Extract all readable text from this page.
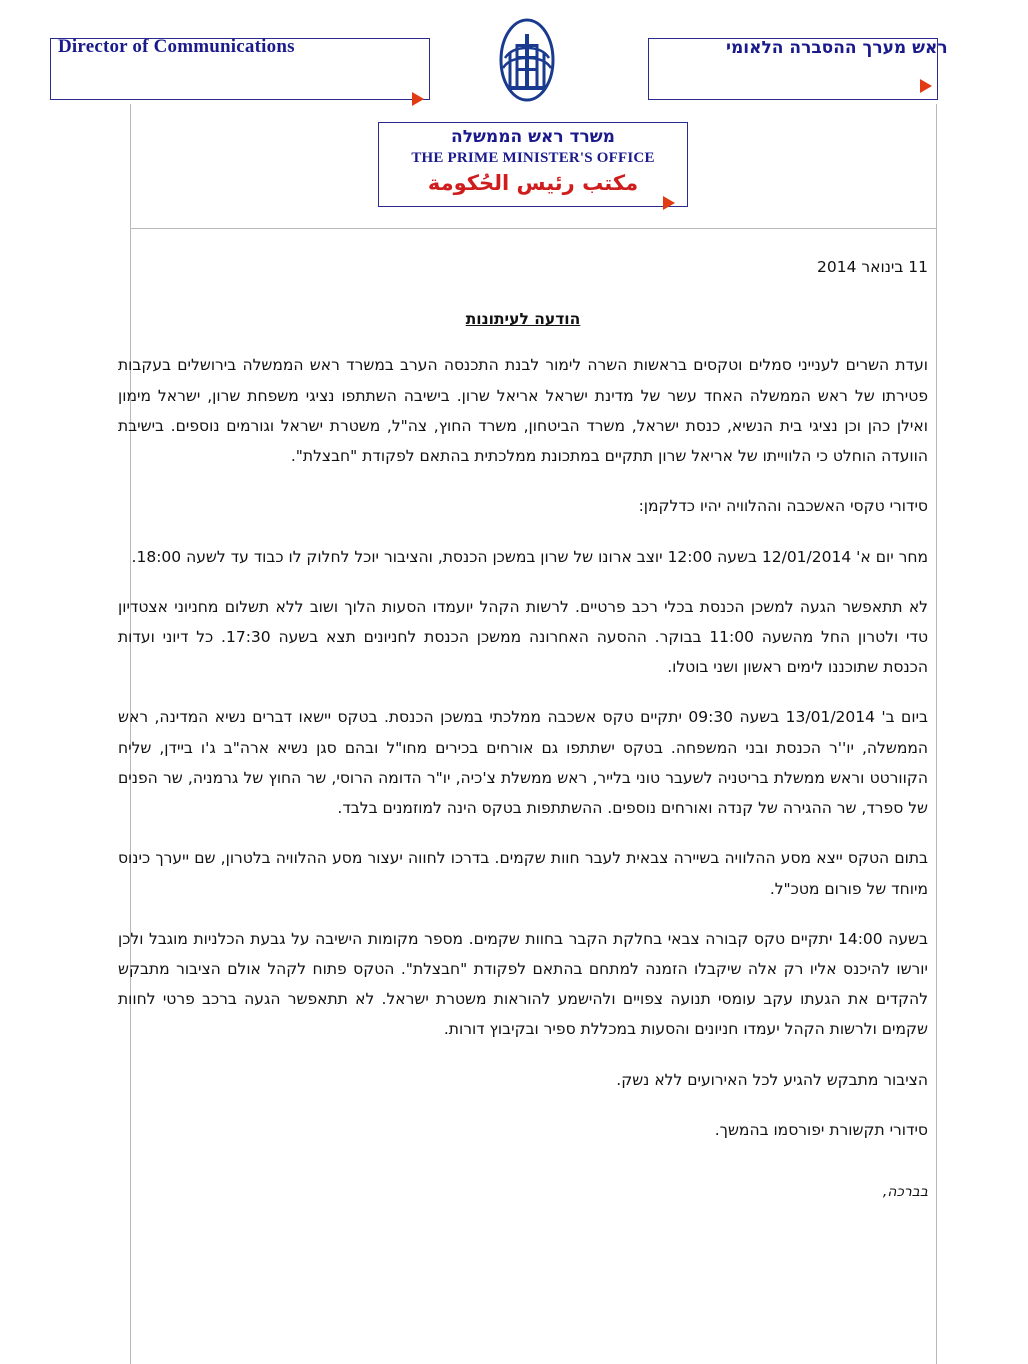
Director of Communications	ראש מערך ההסברה הלאומי
משרד ראש הממשלה
THE PRIME MINISTER'S OFFICE
مكتب رئيس الحُكومة
11 בינואר 2014
הודעה לעיתונות

ועדת השרים לענייני סמלים וטקסים בראשות השרה לימור לבנת התכנסה הערב במשרד ראש הממשלה בירושלים בעקבות פטירתו של ראש הממשלה האחד עשר של מדינת ישראל אריאל שרון. בישיבה השתתפו נציגי משפחת שרון, ישראל מימון ואילן כהן וכן נציגי בית הנשיא, כנסת ישראל, משרד הביטחון, משרד החוץ, צה"ל, משטרת ישראל וגורמים נוספים. בישיבת הוועדה הוחלט כי הלווייתו של אריאל שרון תתקיים במתכונת ממלכתית בהתאם לפקודת "חבצלת".

סידורי טקסי האשכבה וההלוויה יהיו כדלקמן:

מחר יום א' 12/01/2014 בשעה 12:00 יוצב ארונו של שרון במשכן הכנסת, והציבור יוכל לחלוק לו כבוד עד לשעה 18:00.

לא תתאפשר הגעה למשכן הכנסת בכלי רכב פרטיים. לרשות הקהל יועמדו הסעות הלוך ושוב ללא תשלום מחניוני אצטדיון טדי ולטרון החל מהשעה 11:00 בבוקר. ההסעה האחרונה ממשכן הכנסת לחניונים תצא בשעה 17:30. כל דיוני ועדות הכנסת שתוכננו לימים ראשון ושני בוטלו.

ביום ב' 13/01/2014 בשעה 09:30 יתקיים טקס אשכבה ממלכתי במשכן הכנסת. בטקס יישאו דברים נשיא המדינה, ראש הממשלה, יו''ר הכנסת ובני המשפחה. בטקס ישתתפו גם אורחים בכירים מחו"ל ובהם סגן נשיא ארה"ב ג'ו ביידן, שליח הקוורטט וראש ממשלת בריטניה לשעבר טוני בלייר, ראש ממשלת צ'כיה, יו"ר הדומה הרוסי, שר החוץ של גרמניה, שר הפנים של ספרד, שר ההגירה של קנדה ואורחים נוספים. ההשתתפות בטקס הינה למוזמנים בלבד.

בתום הטקס ייצא מסע ההלוויה בשיירה צבאית לעבר חוות שקמים. בדרכו לחווה יעצור מסע ההלוויה בלטרון, שם ייערך כינוס מיוחד של פורום מטכ"ל.

בשעה 14:00 יתקיים טקס קבורה צבאי בחלקת הקבר בחוות שקמים. מספר מקומות הישיבה על גבעת הכלניות מוגבל ולכן יורשו להיכנס אליו רק אלה שיקבלו הזמנה למתחם בהתאם לפקודת "חבצלת". הטקס פתוח לקהל אולם הציבור מתבקש להקדים את הגעתו עקב עומסי תנועה צפויים ולהישמע להוראות משטרת ישראל. לא תתאפשר הגעה ברכב פרטי לחוות שקמים ולרשות הקהל יעמדו חניונים והסעות במכללת ספיר ובקיבוץ דורות.

הציבור מתבקש להגיע לכל האירועים ללא נשק.

סידורי תקשורת יפורסמו בהמשך.

בברכה,
